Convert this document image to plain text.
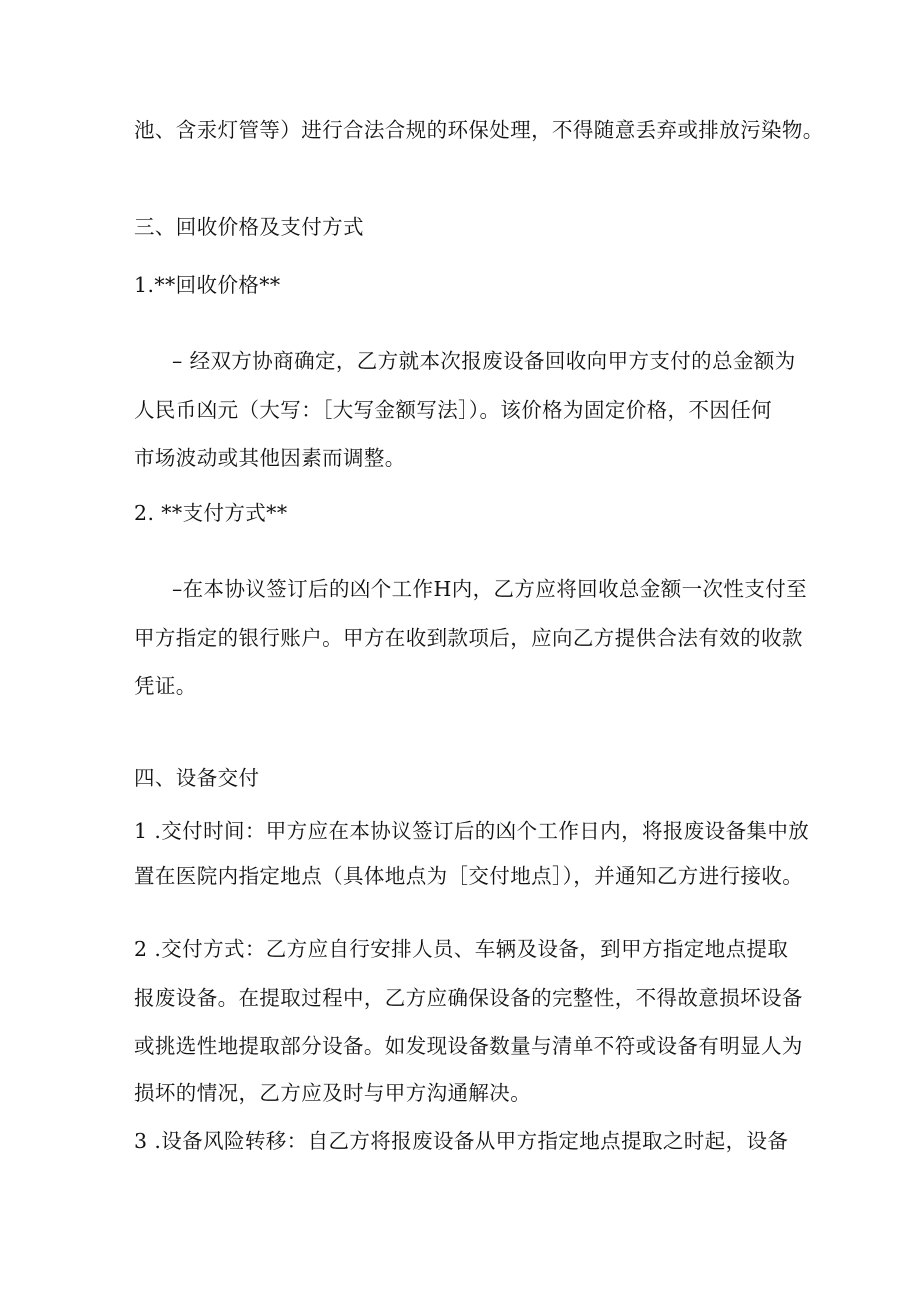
池、含汞灯管等）进行合法合规的环保处理，不得随意丢弃或排放污染物。
三、回收价格及支付方式
1.**回收价格**
– 经双方协商确定，乙方就本次报废设备回收向甲方支付的总金额为
人民币凶元（大写：［大写金额写法］）。该价格为固定价格，不因任何
市场波动或其他因素而调整。
2. **支付方式**
–在本协议签订后的凶个工作H内，乙方应将回收总金额一次性支付至
甲方指定的银行账户。甲方在收到款项后，应向乙方提供合法有效的收款
凭证。
四、设备交付
1 .交付时间：甲方应在本协议签订后的凶个工作日内，将报废设备集中放
置在医院内指定地点（具体地点为［交付地点］），并通知乙方进行接收。
2 .交付方式：乙方应自行安排人员、车辆及设备，到甲方指定地点提取
报废设备。在提取过程中，乙方应确保设备的完整性，不得故意损坏设备
或挑选性地提取部分设备。如发现设备数量与清单不符或设备有明显人为
损坏的情况，乙方应及时与甲方沟通解决。
3 .设备风险转移：自乙方将报废设备从甲方指定地点提取之时起，设备
